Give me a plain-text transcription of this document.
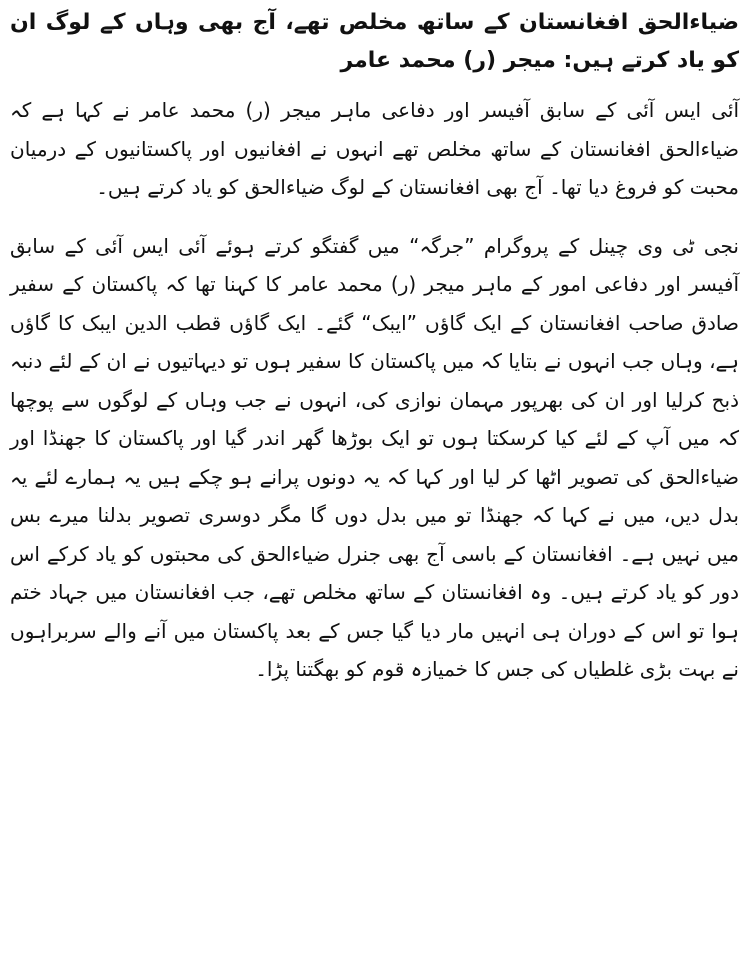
ضیاءالحق افغانستان کے ساتھ مخلص تھے، آج بھی وہاں کے لوگ ان کو یاد کرتے ہیں: میجر (ر) محمد عامر

آئی ایس آئی کے سابق آفیسر اور دفاعی ماہر میجر (ر) محمد عامر نے کہا ہے کہ ضیاءالحق افغانستان کے ساتھ مخلص تھے انہوں نے افغانیوں اور پاکستانیوں کے درمیان محبت کو فروغ دیا تھا۔ آج بھی افغانستان کے لوگ ضیاءالحق کو یاد کرتے ہیں۔

نجی ٹی وی چینل کے پروگرام ”جرگہ“ میں گفتگو کرتے ہوئے آئی ایس آئی کے سابق آفیسر اور دفاعی امور کے ماہر میجر (ر) محمد عامر کا کہنا تھا کہ پاکستان کے سفیر صادق صاحب افغانستان کے ایک گاؤں ”ایبک“ گئے۔ ایک گاؤں قطب الدین ایبک کا گاؤں ہے، وہاں جب انہوں نے بتایا کہ میں پاکستان کا سفیر ہوں تو دیہاتیوں نے ان کے لئے دنبہ ذبح کرلیا اور ان کی بھرپور مہمان نوازی کی، انہوں نے جب وہاں کے لوگوں سے پوچھا کہ میں آپ کے لئے کیا کرسکتا ہوں تو ایک بوڑھا گھر اندر گیا اور پاکستان کا جھنڈا اور ضیاءالحق کی تصویر اٹھا کر لیا اور کہا کہ یہ دونوں پرانے ہو چکے ہیں یہ ہمارے لئے یہ بدل دیں، میں نے کہا کہ جھنڈا تو میں بدل دوں گا مگر دوسری تصویر بدلنا میرے بس میں نہیں ہے۔ افغانستان کے باسی آج بھی جنرل ضیاءالحق کی محبتوں کو یاد کرکے اس دور کو یاد کرتے ہیں۔ وہ افغانستان کے ساتھ مخلص تھے، جب افغانستان میں جہاد ختم ہوا تو اس کے دوران ہی انہیں مار دیا گیا جس کے بعد پاکستان میں آنے والے سربراہوں نے بہت بڑی غلطیاں کی جس کا خمیازہ قوم کو بھگتنا پڑا۔
